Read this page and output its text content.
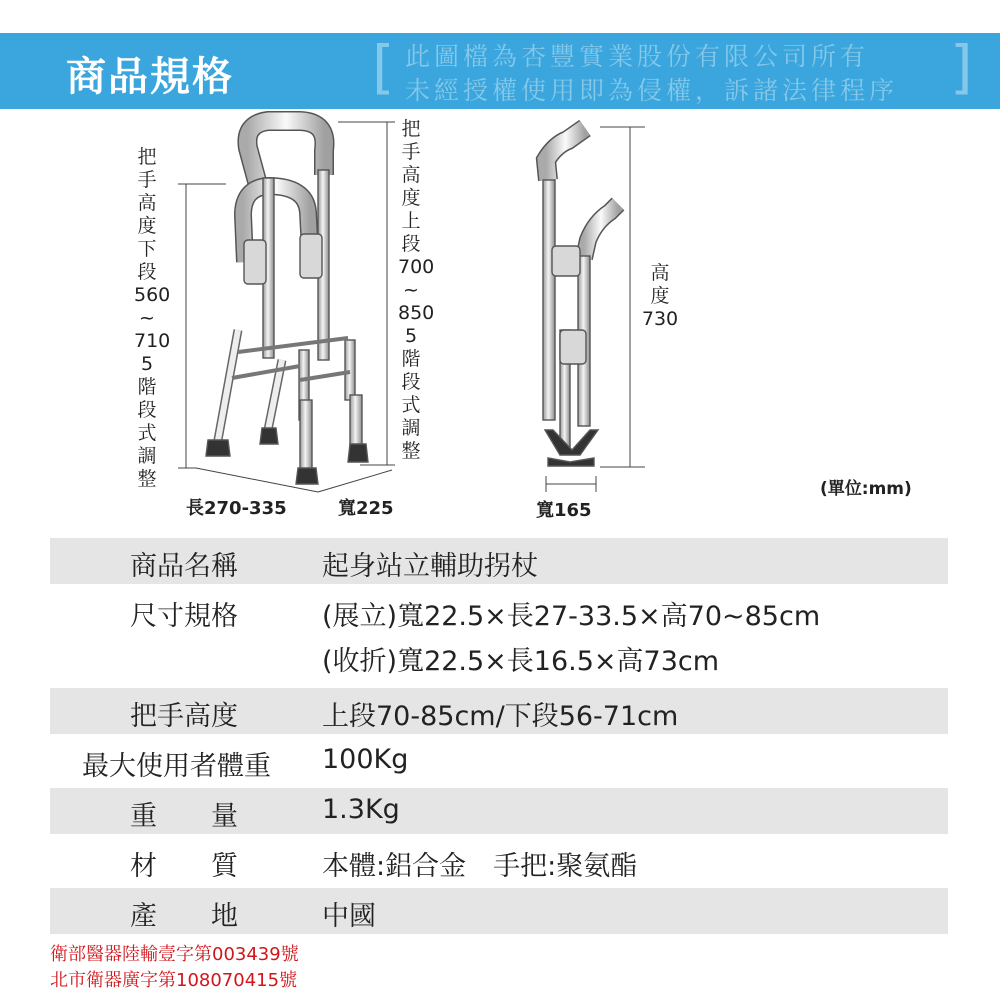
商品規格 [ 此圖檔為杏豐實業股份有限公司所有
未經授權使用即為侵權，訴諸法律程序 ]
把
手
高
度
下
段
560
~
710
5
階
段
式
調
整
把
手
高
度
上
段
700
~
850
5
階
段
式
調
整
高
度
730
長270-335	寬225	寬165
(單位:mm)
商品名稱	起身站立輔助拐杖
尺寸規格	(展立)寬22.5×長27-33.5×高70~85cm
(收折)寬22.5×長16.5×高73cm
把手高度	上段70-85cm/下段56-71cm
最大使用者體重 100Kg
重　　量	1.3Kg
材　　質	本體:鋁合金　手把:聚氨酯
產　　地	中國
衛部醫器陸輸壹字第003439號
北市衛器廣字第108070415號
